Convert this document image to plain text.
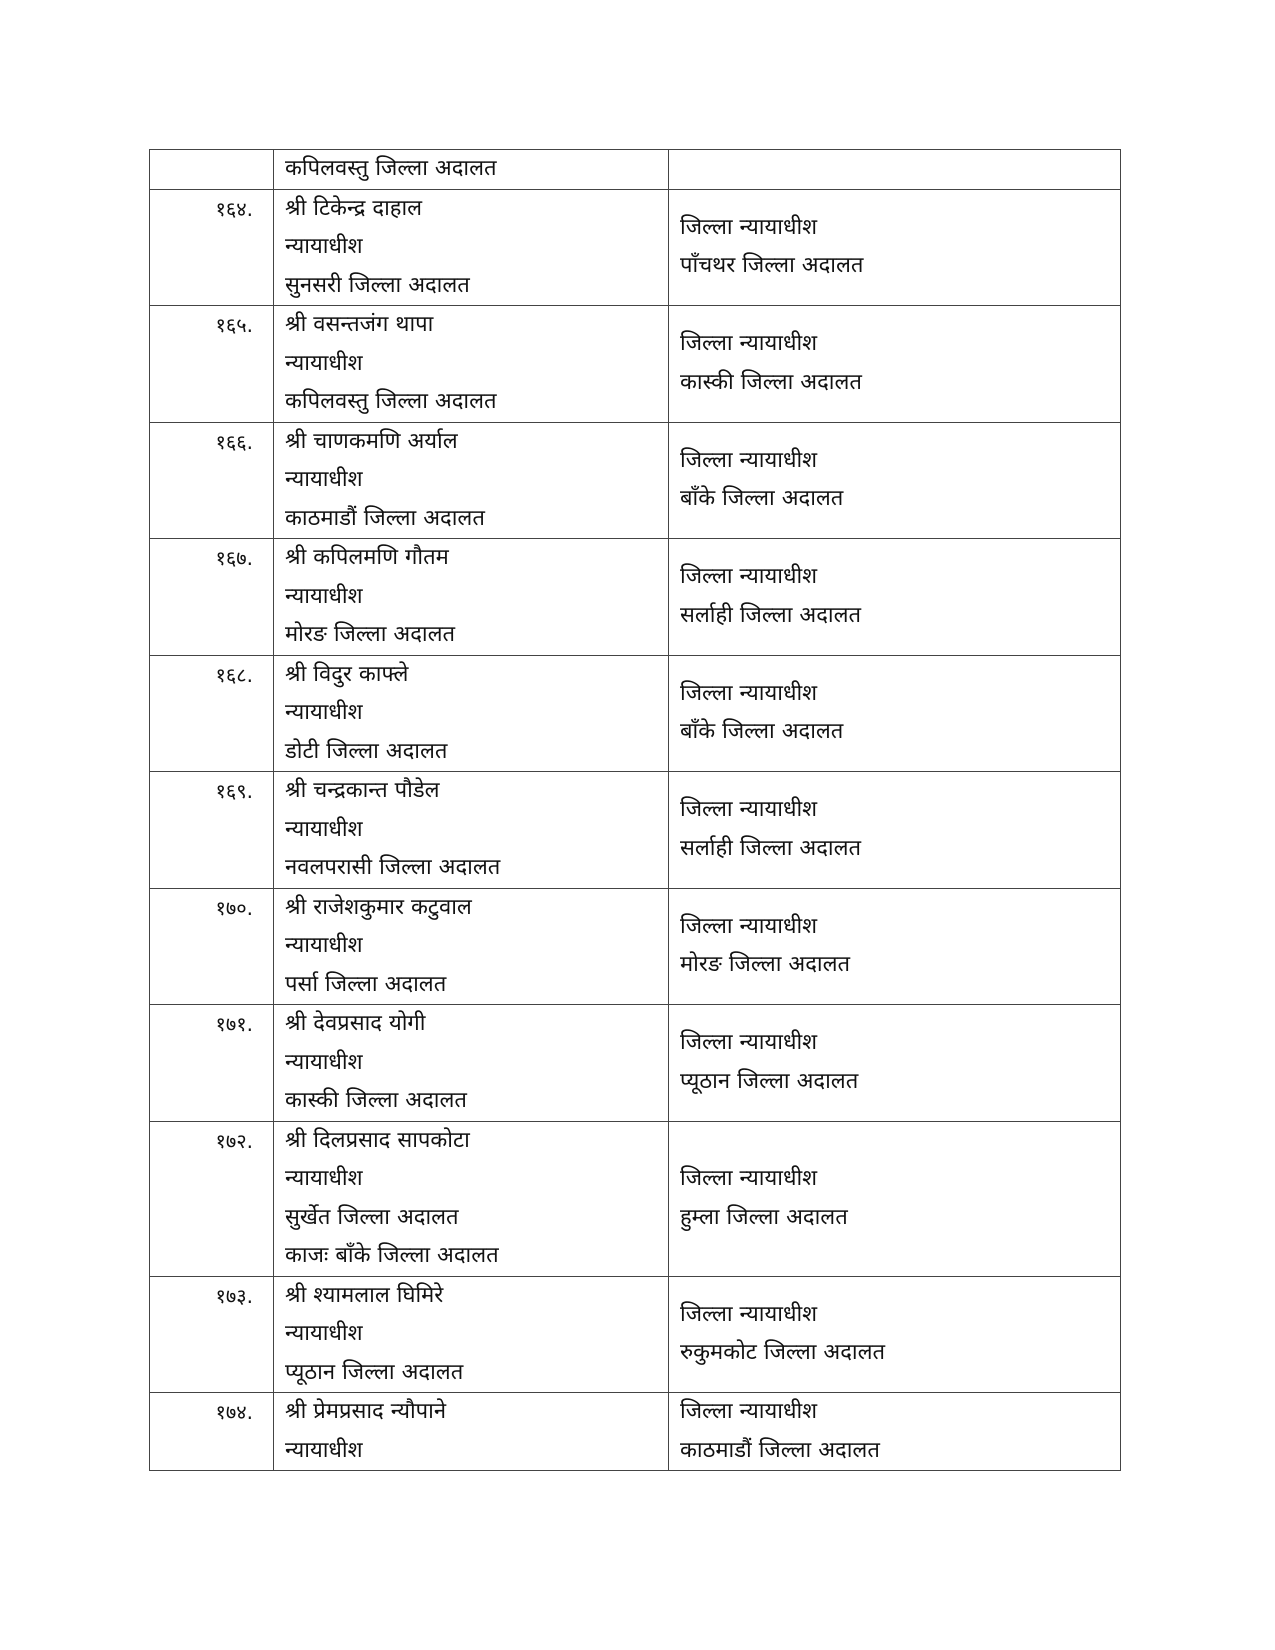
	कपिलवस्तु जिल्ला अदालत	

१६४.	श्री टिकेन्द्र दाहाल
न्यायाधीश
सुनसरी जिल्ला अदालत	जिल्ला न्यायाधीश
पाँचथर जिल्ला अदालत

१६५.	श्री वसन्तजंग थापा
न्यायाधीश
कपिलवस्तु जिल्ला अदालत	जिल्ला न्यायाधीश
कास्की जिल्ला अदालत

१६६.	श्री चाणकमणि अर्याल
न्यायाधीश
काठमाडौं जिल्ला अदालत	जिल्ला न्यायाधीश
बाँके जिल्ला अदालत

१६७.	श्री कपिलमणि गौतम
न्यायाधीश
मोरङ जिल्ला अदालत	जिल्ला न्यायाधीश
सर्लाही जिल्ला अदालत

१६८.	श्री विदुर काफ्ले
न्यायाधीश
डोटी जिल्ला अदालत	जिल्ला न्यायाधीश
बाँके जिल्ला अदालत

१६९.	श्री चन्द्रकान्त पौडेल
न्यायाधीश
नवलपरासी जिल्ला अदालत	जिल्ला न्यायाधीश
सर्लाही जिल्ला अदालत

१७०.	श्री राजेशकुमार कटुवाल
न्यायाधीश
पर्सा जिल्ला अदालत	जिल्ला न्यायाधीश
मोरङ जिल्ला अदालत

१७१.	श्री देवप्रसाद योगी
न्यायाधीश
कास्की जिल्ला अदालत	जिल्ला न्यायाधीश
प्यूठान जिल्ला अदालत

१७२.	श्री दिलप्रसाद सापकोटा
न्यायाधीश
सुर्खेत जिल्ला अदालत
काजः बाँके जिल्ला अदालत	जिल्ला न्यायाधीश
हुम्ला जिल्ला अदालत

१७३.	श्री श्यामलाल घिमिरे
न्यायाधीश
प्यूठान जिल्ला अदालत	जिल्ला न्यायाधीश
रुकुमकोट जिल्ला अदालत

१७४.	श्री प्रेमप्रसाद न्यौपाने
न्यायाधीश	जिल्ला न्यायाधीश
काठमाडौं जिल्ला अदालत
